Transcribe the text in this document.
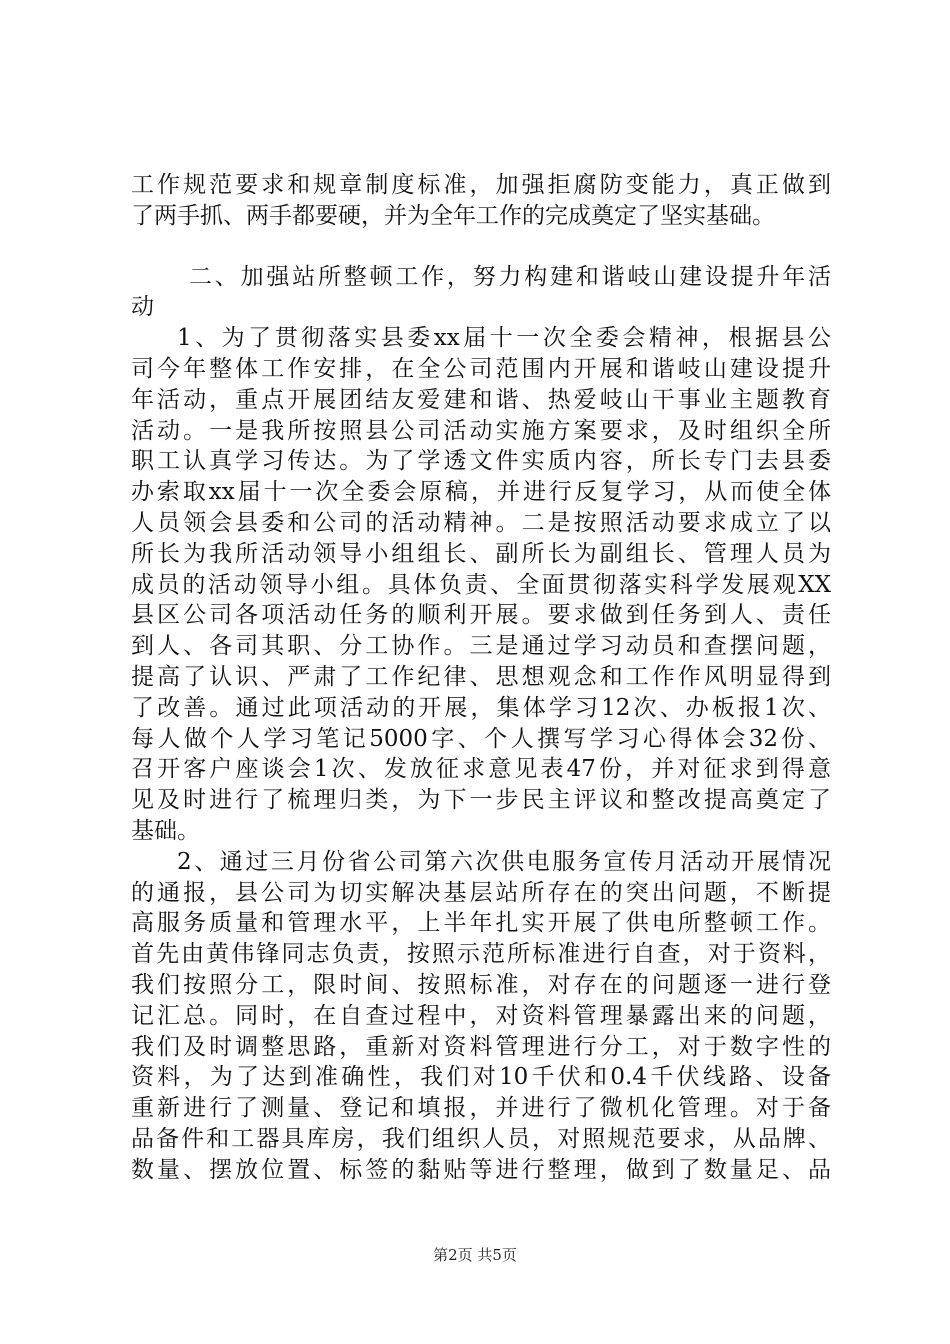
工作规范要求和规章制度标准，加强拒腐防变能力，真正做到
了两手抓、两手都要硬，并为全年工作的完成奠定了坚实基础。
二、加强站所整顿工作，努力构建和谐岐山建设提升年活
动
1、为了贯彻落实县委xx届十一次全委会精神，根据县公
司今年整体工作安排，在全公司范围内开展和谐岐山建设提升
年活动，重点开展团结友爱建和谐、热爱岐山干事业主题教育
活动。一是我所按照县公司活动实施方案要求，及时组织全所
职工认真学习传达。为了学透文件实质内容，所长专门去县委
办索取xx届十一次全委会原稿，并进行反复学习，从而使全体
人员领会县委和公司的活动精神。二是按照活动要求成立了以
所长为我所活动领导小组组长、副所长为副组长、管理人员为
成员的活动领导小组。具体负责、全面贯彻落实科学发展观XX
县区公司各项活动任务的顺利开展。要求做到任务到人、责任
到人、各司其职、分工协作。三是通过学习动员和查摆问题，
提高了认识、严肃了工作纪律、思想观念和工作作风明显得到
了改善。通过此项活动的开展，集体学习12次、办板报1次、
每人做个人学习笔记5000字、个人撰写学习心得体会32份、
召开客户座谈会1次、发放征求意见表47份，并对征求到得意
见及时进行了梳理归类，为下一步民主评议和整改提高奠定了
基础。
2、通过三月份省公司第六次供电服务宣传月活动开展情况
的通报，县公司为切实解决基层站所存在的突出问题，不断提
高服务质量和管理水平，上半年扎实开展了供电所整顿工作。
首先由黄伟锋同志负责，按照示范所标准进行自查，对于资料，
我们按照分工，限时间、按照标准，对存在的问题逐一进行登
记汇总。同时，在自查过程中，对资料管理暴露出来的问题，
我们及时调整思路，重新对资料管理进行分工，对于数字性的
资料，为了达到准确性，我们对10千伏和0.4千伏线路、设备
重新进行了测量、登记和填报，并进行了微机化管理。对于备
品备件和工器具库房，我们组织人员，对照规范要求，从品牌、
数量、摆放位置、标签的黏贴等进行整理，做到了数量足、品
第2页 共5页
